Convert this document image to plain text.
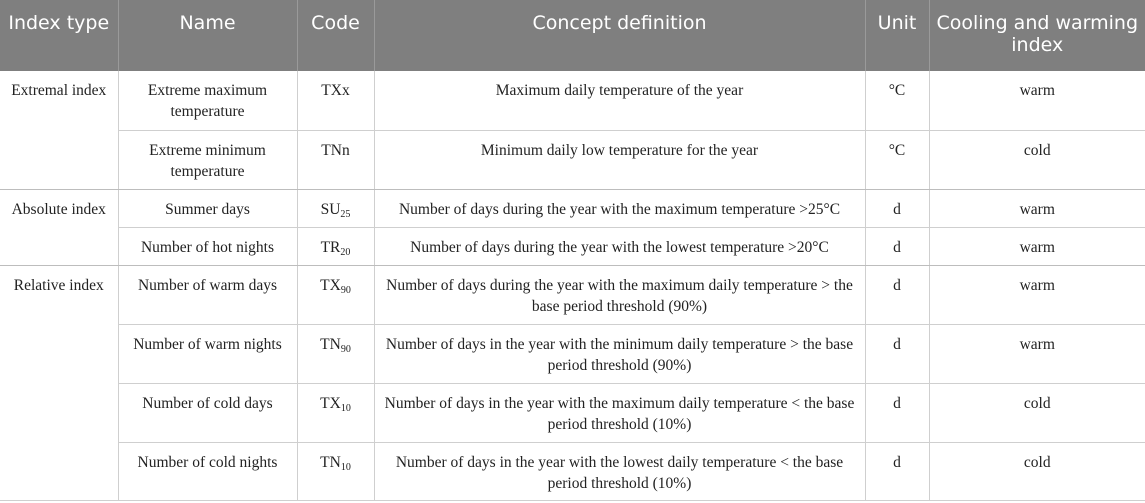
Index type	Name	Code	Concept definition	Unit	Cooling and warming index
Extremal index	Extreme maximum temperature	TXx	Maximum daily temperature of the year	°C	warm
	Extreme minimum temperature	TNn	Minimum daily low temperature for the year	°C	cold
Absolute index	Summer days	$SU_{25}$	Number of days during the year with the maximum temperature >25°C	d	warm
	Number of hot nights	$TR_{20}$	Number of days during the year with the lowest temperature >20°C	d	warm
Relative index	Number of warm days	$TX_{90}$	Number of days during the year with the maximum daily temperature > the base period threshold (90%)	d	warm
	Number of warm nights	$TN_{90}$	Number of days in the year with the minimum daily temperature > the base period threshold (90%)	d	warm
	Number of cold days	$TX_{10}$	Number of days in the year with the maximum daily temperature < the base period threshold (10%)	d	cold
	Number of cold nights	$TN_{10}$	Number of days in the year with the lowest daily temperature < the base period threshold (10%)	d	cold
